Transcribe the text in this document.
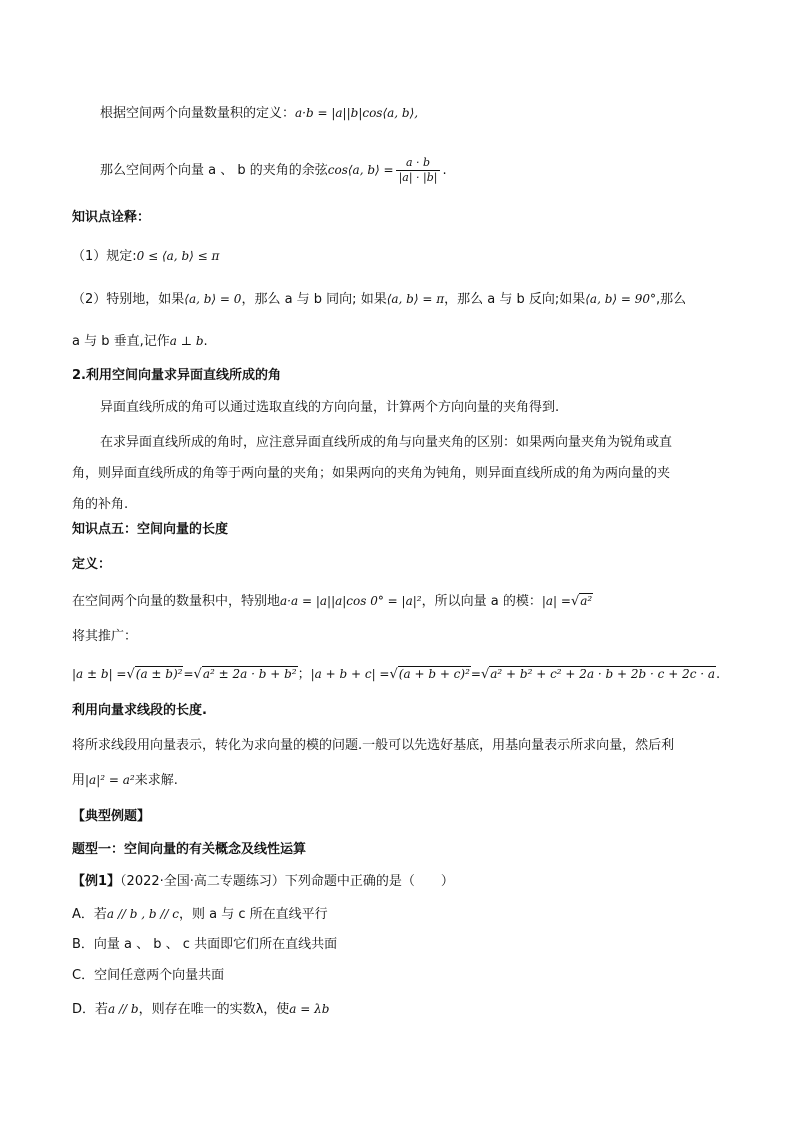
根据空间两个向量数量积的定义：a·b = |a||b|cos⟨a, b⟩,
那么空间两个向量 a 、 b 的夹角的余弦cos⟨a, b⟩ = $\frac{a \cdot b}{|a| \cdot |b|}$ .
知识点诠释：
（1）规定:0 ≤ ⟨a, b⟩ ≤ π
（2）特别地，如果⟨a, b⟩ = 0，那么 a 与 b 同向; 如果⟨a, b⟩ = π，那么 a 与 b 反向;如果⟨a, b⟩ = 90°,那么
a 与 b 垂直,记作a ⊥ b.
2.利用空间向量求异面直线所成的角
异面直线所成的角可以通过选取直线的方向向量，计算两个方向向量的夹角得到.
在求异面直线所成的角时，应注意异面直线所成的角与向量夹角的区别：如果两向量夹角为锐角或直
角，则异面直线所成的角等于两向量的夹角；如果两向的夹角为钝角，则异面直线所成的角为两向量的夹
角的补角.
知识点五：空间向量的长度
定义：
在空间两个向量的数量积中，特别地a·a = |a||a|cos 0° = |a|²，所以向量 a 的模：|a| =√a²
将其推广：
|a ± b| =√(a ± b)²=√a² ± 2a · b + b²；|a + b + c| =√(a + b + c)²=√a² + b² + c² + 2a · b + 2b · c + 2c · a.
利用向量求线段的长度.
将所求线段用向量表示，转化为求向量的模的问题.一般可以先选好基底，用基向量表示所求向量，然后利
用|a|² = a²来求解.
【典型例题】
题型一：空间向量的有关概念及线性运算
【例1】（2022·全国·高二专题练习）下列命题中正确的是（　　）
A．若a // b , b // c，则 a 与 c 所在直线平行
B．向量 a 、 b 、 c 共面即它们所在直线共面
C．空间任意两个向量共面
D．若a // b，则存在唯一的实数λ，使a = λb
